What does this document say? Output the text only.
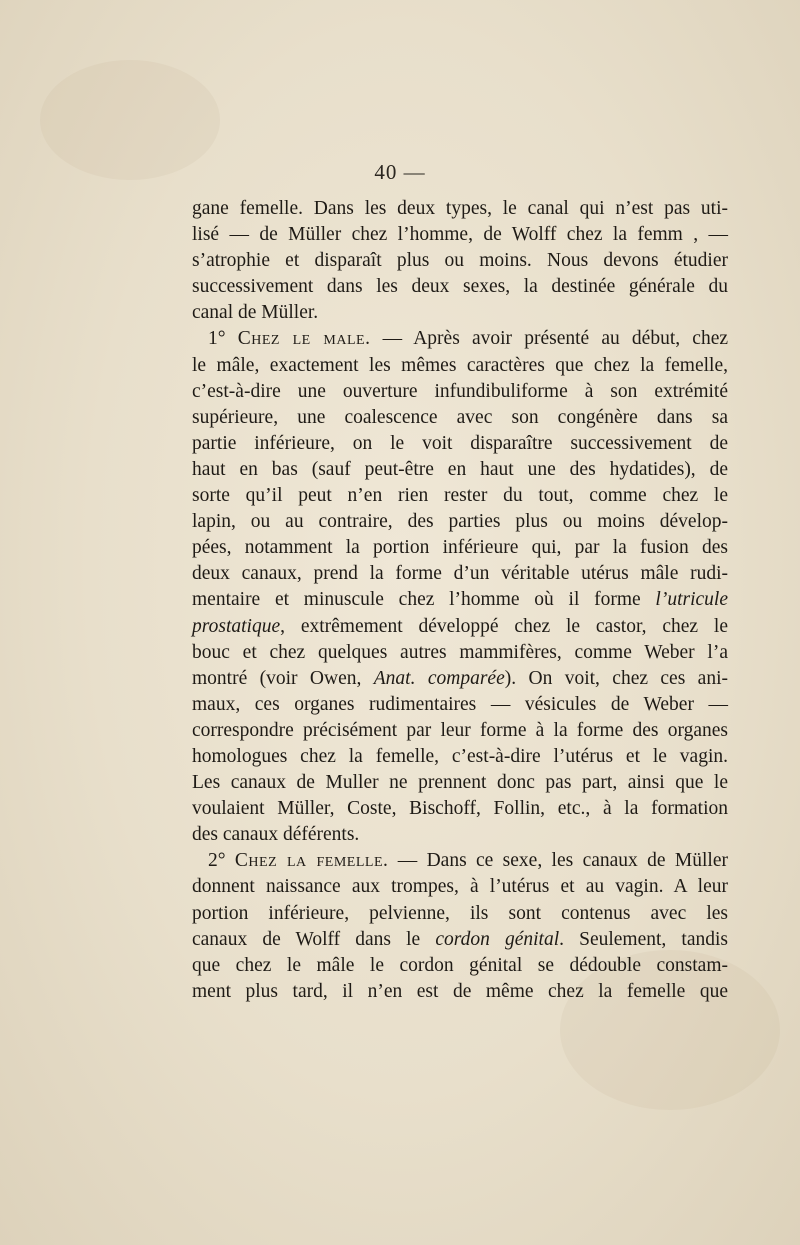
40 —
gane femelle. Dans les deux types, le canal qui n’est pas uti-
lisé — de Müller chez l’homme, de Wolff chez la femm , —
s’atrophie et disparaît plus ou moins. Nous devons étudier
successivement dans les deux sexes, la destinée générale du
canal de Müller.
1° Chez le male. — Après avoir présenté au début, chez
le mâle, exactement les mêmes caractères que chez la femelle,
c’est-à-dire une ouverture infundibuliforme à son extrémité
supérieure, une coalescence avec son congénère dans sa
partie inférieure, on le voit disparaître successivement de
haut en bas (sauf peut-être en haut une des hydatides), de
sorte qu’il peut n’en rien rester du tout, comme chez le
lapin, ou au contraire, des parties plus ou moins dévelop-
pées, notamment la portion inférieure qui, par la fusion des
deux canaux, prend la forme d’un véritable utérus mâle rudi-
mentaire et minuscule chez l’homme où il forme l’utricule
prostatique, extrêmement développé chez le castor, chez le
bouc et chez quelques autres mammifères, comme Weber l’a
montré (voir Owen, Anat. comparée). On voit, chez ces ani-
maux, ces organes rudimentaires — vésicules de Weber —
correspondre précisément par leur forme à la forme des organes
homologues chez la femelle, c’est-à-dire l’utérus et le vagin.
Les canaux de Muller ne prennent donc pas part, ainsi que le
voulaient Müller, Coste, Bischoff, Follin, etc., à la formation
des canaux déférents.
2° Chez la femelle. — Dans ce sexe, les canaux de Müller
donnent naissance aux trompes, à l’utérus et au vagin. A leur
portion inférieure, pelvienne, ils sont contenus avec les
canaux de Wolff dans le cordon génital. Seulement, tandis
que chez le mâle le cordon génital se dédouble constam-
ment plus tard, il n’en est de même chez la femelle que
